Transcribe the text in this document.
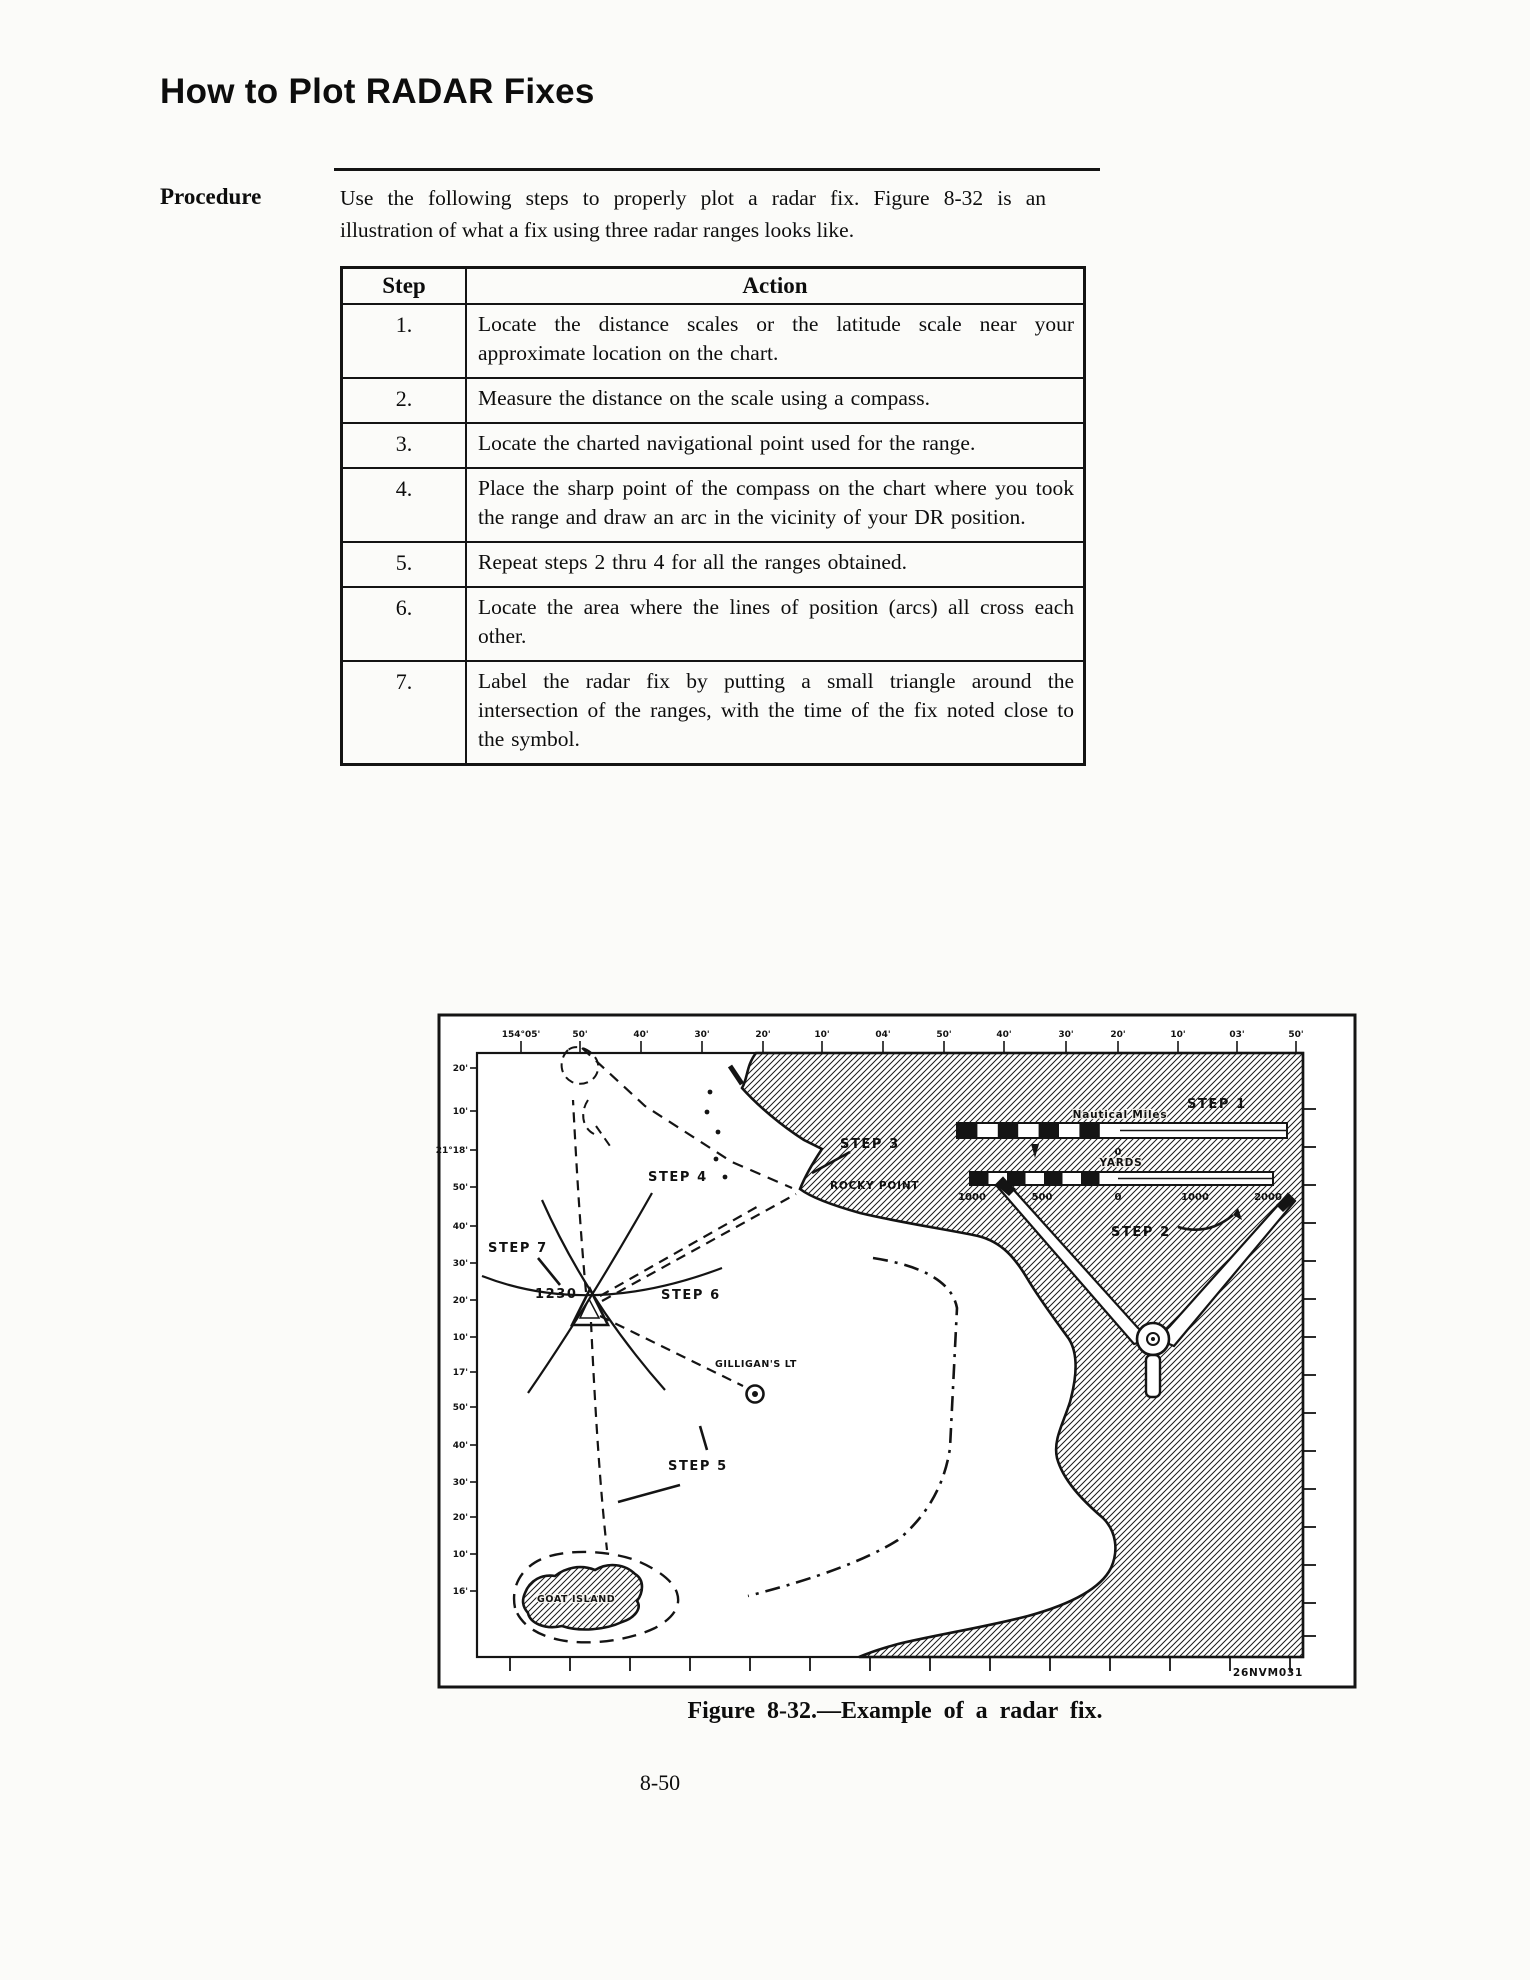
How to Plot RADAR Fixes
Procedure	Use the following steps to properly plot a radar fix. Figure 8-32 is an
illustration of what a fix using three radar ranges looks like.
Step	Action
1.	Locate the distance scales or the latitude scale near your approximate location on the chart.
2.	Measure the distance on the scale using a compass.
3.	Locate the charted navigational point used for the range.
4.	Place the sharp point of the compass on the chart where you took the range and draw an arc in the vicinity of your DR position.
5.	Repeat steps 2 thru 4 for all the ranges obtained.
6.	Locate the area where the lines of position (arcs) all cross each other.
7.	Label the radar fix by putting a small triangle around the intersection of the ranges, with the time of the fix noted close to the symbol.
154°05'	50'	40'	30'	20'	10'	04'	50'	40'	30'	20'	10'	03'	50'
20'
10'
21°18'
50'
40'
30'
20'
10'
17'
50'
40'
30'
20'
10'
16'
0
Nautical Miles
1000	500	0	1000	2000
YARDS
STEP 1
STEP 2
STEP 3
STEP 4
STEP 5
STEP 6
STEP 7
1230
ROCKY POINT
GILLIGAN'S LT
GOAT ISLAND
26NVM031
Figure 8-32.—Example of a radar fix.
8-50
